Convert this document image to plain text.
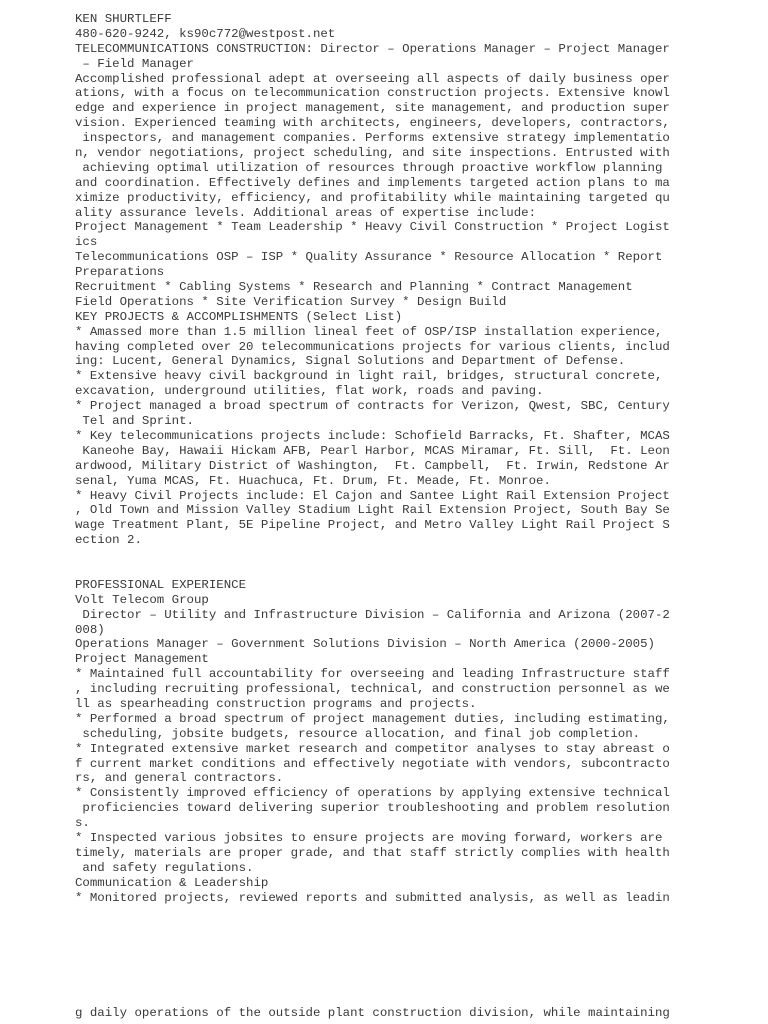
KEN SHURTLEFF
480-620-9242, ks90c772@westpost.net
TELECOMMUNICATIONS CONSTRUCTION: Director – Operations Manager – Project Manager
– Field Manager
Accomplished professional adept at overseeing all aspects of daily business oper
ations, with a focus on telecommunication construction projects. Extensive knowl
edge and experience in project management, site management, and production super
vision. Experienced teaming with architects, engineers, developers, contractors,
inspectors, and management companies. Performs extensive strategy implementatio
n, vendor negotiations, project scheduling, and site inspections. Entrusted with
achieving optimal utilization of resources through proactive workflow planning
and coordination. Effectively defines and implements targeted action plans to ma
ximize productivity, efficiency, and profitability while maintaining targeted qu
ality assurance levels. Additional areas of expertise include:
Project Management * Team Leadership * Heavy Civil Construction * Project Logist
ics
Telecommunications OSP – ISP * Quality Assurance * Resource Allocation * Report
Preparations
Recruitment * Cabling Systems * Research and Planning * Contract Management
Field Operations * Site Verification Survey * Design Build
KEY PROJECTS & ACCOMPLISHMENTS (Select List)
* Amassed more than 1.5 million lineal feet of OSP/ISP installation experience,
having completed over 20 telecommunications projects for various clients, includ
ing: Lucent, General Dynamics, Signal Solutions and Department of Defense.
* Extensive heavy civil background in light rail, bridges, structural concrete,
excavation, underground utilities, flat work, roads and paving.
* Project managed a broad spectrum of contracts for Verizon, Qwest, SBC, Century
Tel and Sprint.
* Key telecommunications projects include: Schofield Barracks, Ft. Shafter, MCAS
Kaneohe Bay, Hawaii Hickam AFB, Pearl Harbor, MCAS Miramar, Ft. Sill,  Ft. Leon
ardwood, Military District of Washington,  Ft. Campbell,  Ft. Irwin, Redstone Ar
senal, Yuma MCAS, Ft. Huachuca, Ft. Drum, Ft. Meade, Ft. Monroe.
* Heavy Civil Projects include: El Cajon and Santee Light Rail Extension Project
, Old Town and Mission Valley Stadium Light Rail Extension Project, South Bay Se
wage Treatment Plant, 5E Pipeline Project, and Metro Valley Light Rail Project S
ection 2.
PROFESSIONAL EXPERIENCE
Volt Telecom Group
Director – Utility and Infrastructure Division – California and Arizona (2007-2
008)
Operations Manager – Government Solutions Division – North America (2000-2005)
Project Management
* Maintained full accountability for overseeing and leading Infrastructure staff
, including recruiting professional, technical, and construction personnel as we
ll as spearheading construction programs and projects.
* Performed a broad spectrum of project management duties, including estimating,
scheduling, jobsite budgets, resource allocation, and final job completion.
* Integrated extensive market research and competitor analyses to stay abreast o
f current market conditions and effectively negotiate with vendors, subcontracto
rs, and general contractors.
* Consistently improved efficiency of operations by applying extensive technical
proficiencies toward delivering superior troubleshooting and problem resolution
s.
* Inspected various jobsites to ensure projects are moving forward, workers are
timely, materials are proper grade, and that staff strictly complies with health
and safety regulations.
Communication & Leadership
* Monitored projects, reviewed reports and submitted analysis, as well as leadin
g daily operations of the outside plant construction division, while maintaining
